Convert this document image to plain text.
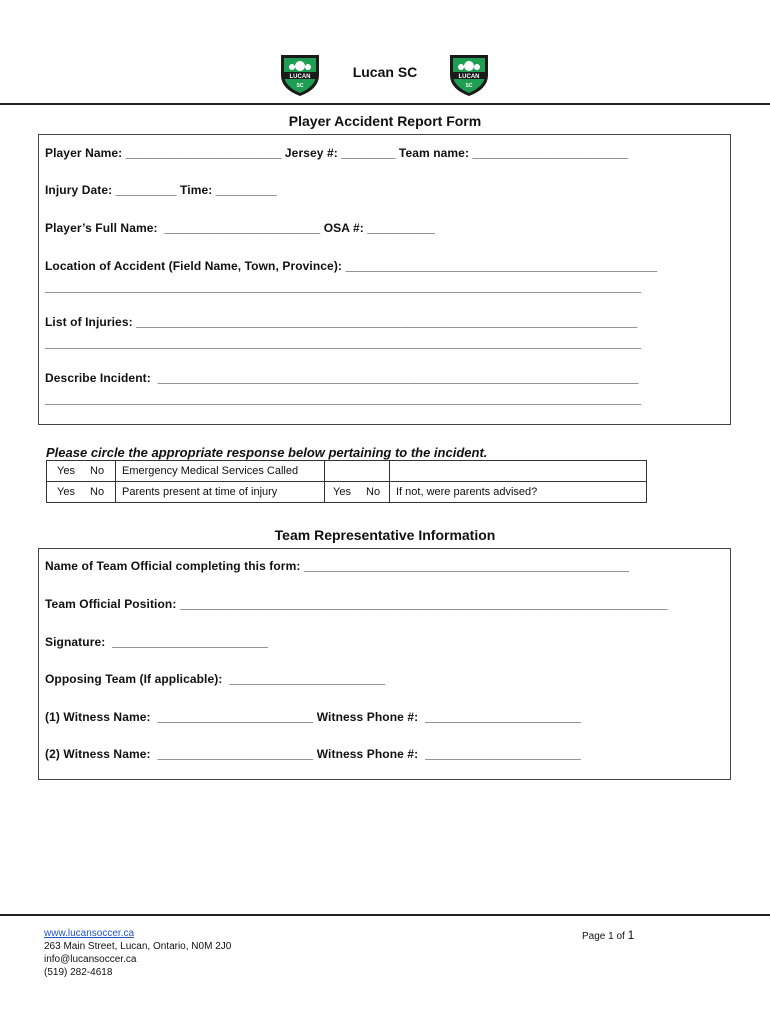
LUCAN
SC
LUCAN
SC
Lucan SC
Player Accident Report Form
Player Name: _______________________ Jersey #: ________ Team name: _______________________
Injury Date: _________ Time: _________
Player’s Full Name:  _______________________ OSA #: __________
Location of Accident (Field Name, Town, Province): ______________________________________________
________________________________________________________________________________________
List of Injuries: __________________________________________________________________________
________________________________________________________________________________________
Describe Incident:  _______________________________________________________________________
________________________________________________________________________________________
Please circle the appropriate response below pertaining to the incident.
Yes No	Emergency Medical Services Called		
Yes No	Parents present at time of injury	Yes No	If not, were parents advised?
Team Representative Information
Name of Team Official completing this form: ________________________________________________
Team Official Position: ________________________________________________________________________
Signature:  _______________________
Opposing Team (If applicable):  _______________________
(1) Witness Name:  _______________________ Witness Phone #:  _______________________
(2) Witness Name:  _______________________ Witness Phone #:  _______________________
www.lucansoccer.ca
263 Main Street, Lucan, Ontario, N0M 2J0
info@lucansoccer.ca
(519) 282-4618
Page 1 of 1
